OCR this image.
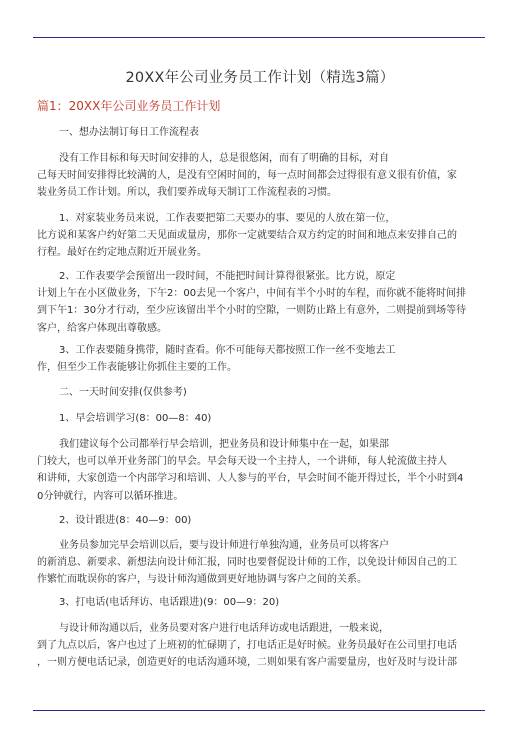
20XX年公司业务员工作计划（精选3篇）
篇1：20XX年公司业务员工作计划

一、想办法制订每日工作流程表

没有工作目标和每天时间安排的人，总是很悠闲，而有了明确的目标，对自

己每天时间安排得比较满的人，是没有空闲时间的，每一点时间都会过得很有意义很有价值，家

装业务员工作计划。所以，我们要养成每天制订工作流程表的习惯。

1、对家装业务员来说，工作表要把第二天要办的事、要见的人放在第一位，

比方说和某客户约好第二天见面或量房，那你一定就要结合双方约定的时间和地点来安排自己的

行程。最好在约定地点附近开展业务。

2、工作表要学会预留出一段时间，不能把时间计算得很紧张。比方说，原定

计划上午在小区做业务，下午2：00去见一个客户，中间有半个小时的车程，而你就不能将时间排

到下午1：30分才行动，至少应该留出半个小时的空隙，一则防止路上有意外，二则提前到场等待

客户，给客户体现出尊敬感。

3、工作表要随身携带，随时查看。你不可能每天都按照工作一丝不变地去工

作，但至少工作表能够让你抓住主要的工作。

二、一天时间安排(仅供参考)

1、早会培训学习(8：00—8：40)

我们建议每个公司都举行早会培训，把业务员和设计师集中在一起，如果部

门较大，也可以单开业务部门的早会。早会每天设一个主持人，一个讲师，每人轮流做主持人

和讲师，大家创造一个内部学习和培训、人人参与的平台，早会时间不能开得过长，半个小时到4

0分钟就行，内容可以循环推进。

2、设计跟进(8：40—9：00)

业务员参加完早会培训以后，要与设计师进行单独沟通，业务员可以将客户

的新消息、新要求、新想法向设计师汇报，同时也要督促设计师的工作，以免设计师因自己的工

作繁忙而耽误你的客户，与设计师沟通做到更好地协调与客户之间的关系。

3、打电话(电话拜访、电话跟进)(9：00—9：20)

与设计师沟通以后，业务员要对客户进行电话拜访或电话跟进，一般来说，

到了九点以后，客户也过了上班初的忙碌期了，打电话正是好时候。业务员最好在公司里打电话

，一则方便电话记录，创造更好的电话沟通环境，二则如果有客户需要量房，也好及时与设计部
